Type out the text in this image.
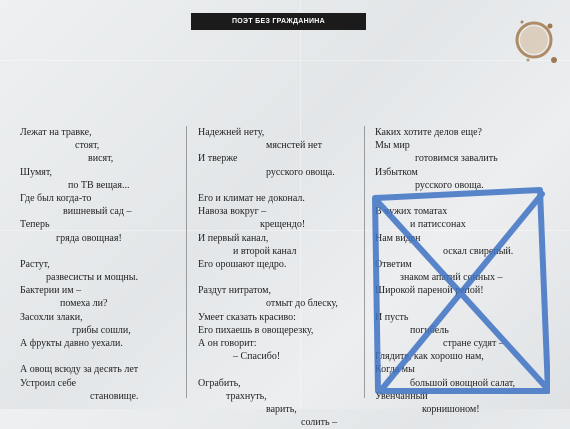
ПОЭТ БЕЗ ГРАЖДАНИНА
Лежат на травке,
стоят,
висят,
Шумят,
по ТВ вещая...
Где был когда-то
вишневый сад –
Теперь
гряда овощная!
Растут,
развесисты и мощны.
Бактерии им –
помеха ли?
Засохли злаки,
грибы сошли,
А фрукты давно уехали.
А овощ всюду за десять лет
Устроил себе
становище.
Надежней нету,
мяснстей нет
И тверже
русского овоща.
Его и климат не доконал.
Навоза вокруг –
крещендо!
И первый канал,
и второй канал
Его орошают щедро.
Раздут нитратом,
отмыт до блеску,
Умеет сказать красиво:
Его пихаешь в овощерезку,
А он говорит:
– Спасибо!
Ограбить,
трахнуть,
варить,
солить –
Каких хотите делов еще?
Мы мир
готовимся завалить
Избытком
русского овоща.
В чужих томатах
и патиссонах
Нам виден
оскал свирепый.
Ответим
знаком апатий сонных –
Широкой пареной репой!
И пусть
погибель
стране судят –
Глядите, как хорошо нам,
Когда мы
большой овощной салат,
Увенчанный
корнишоном!
